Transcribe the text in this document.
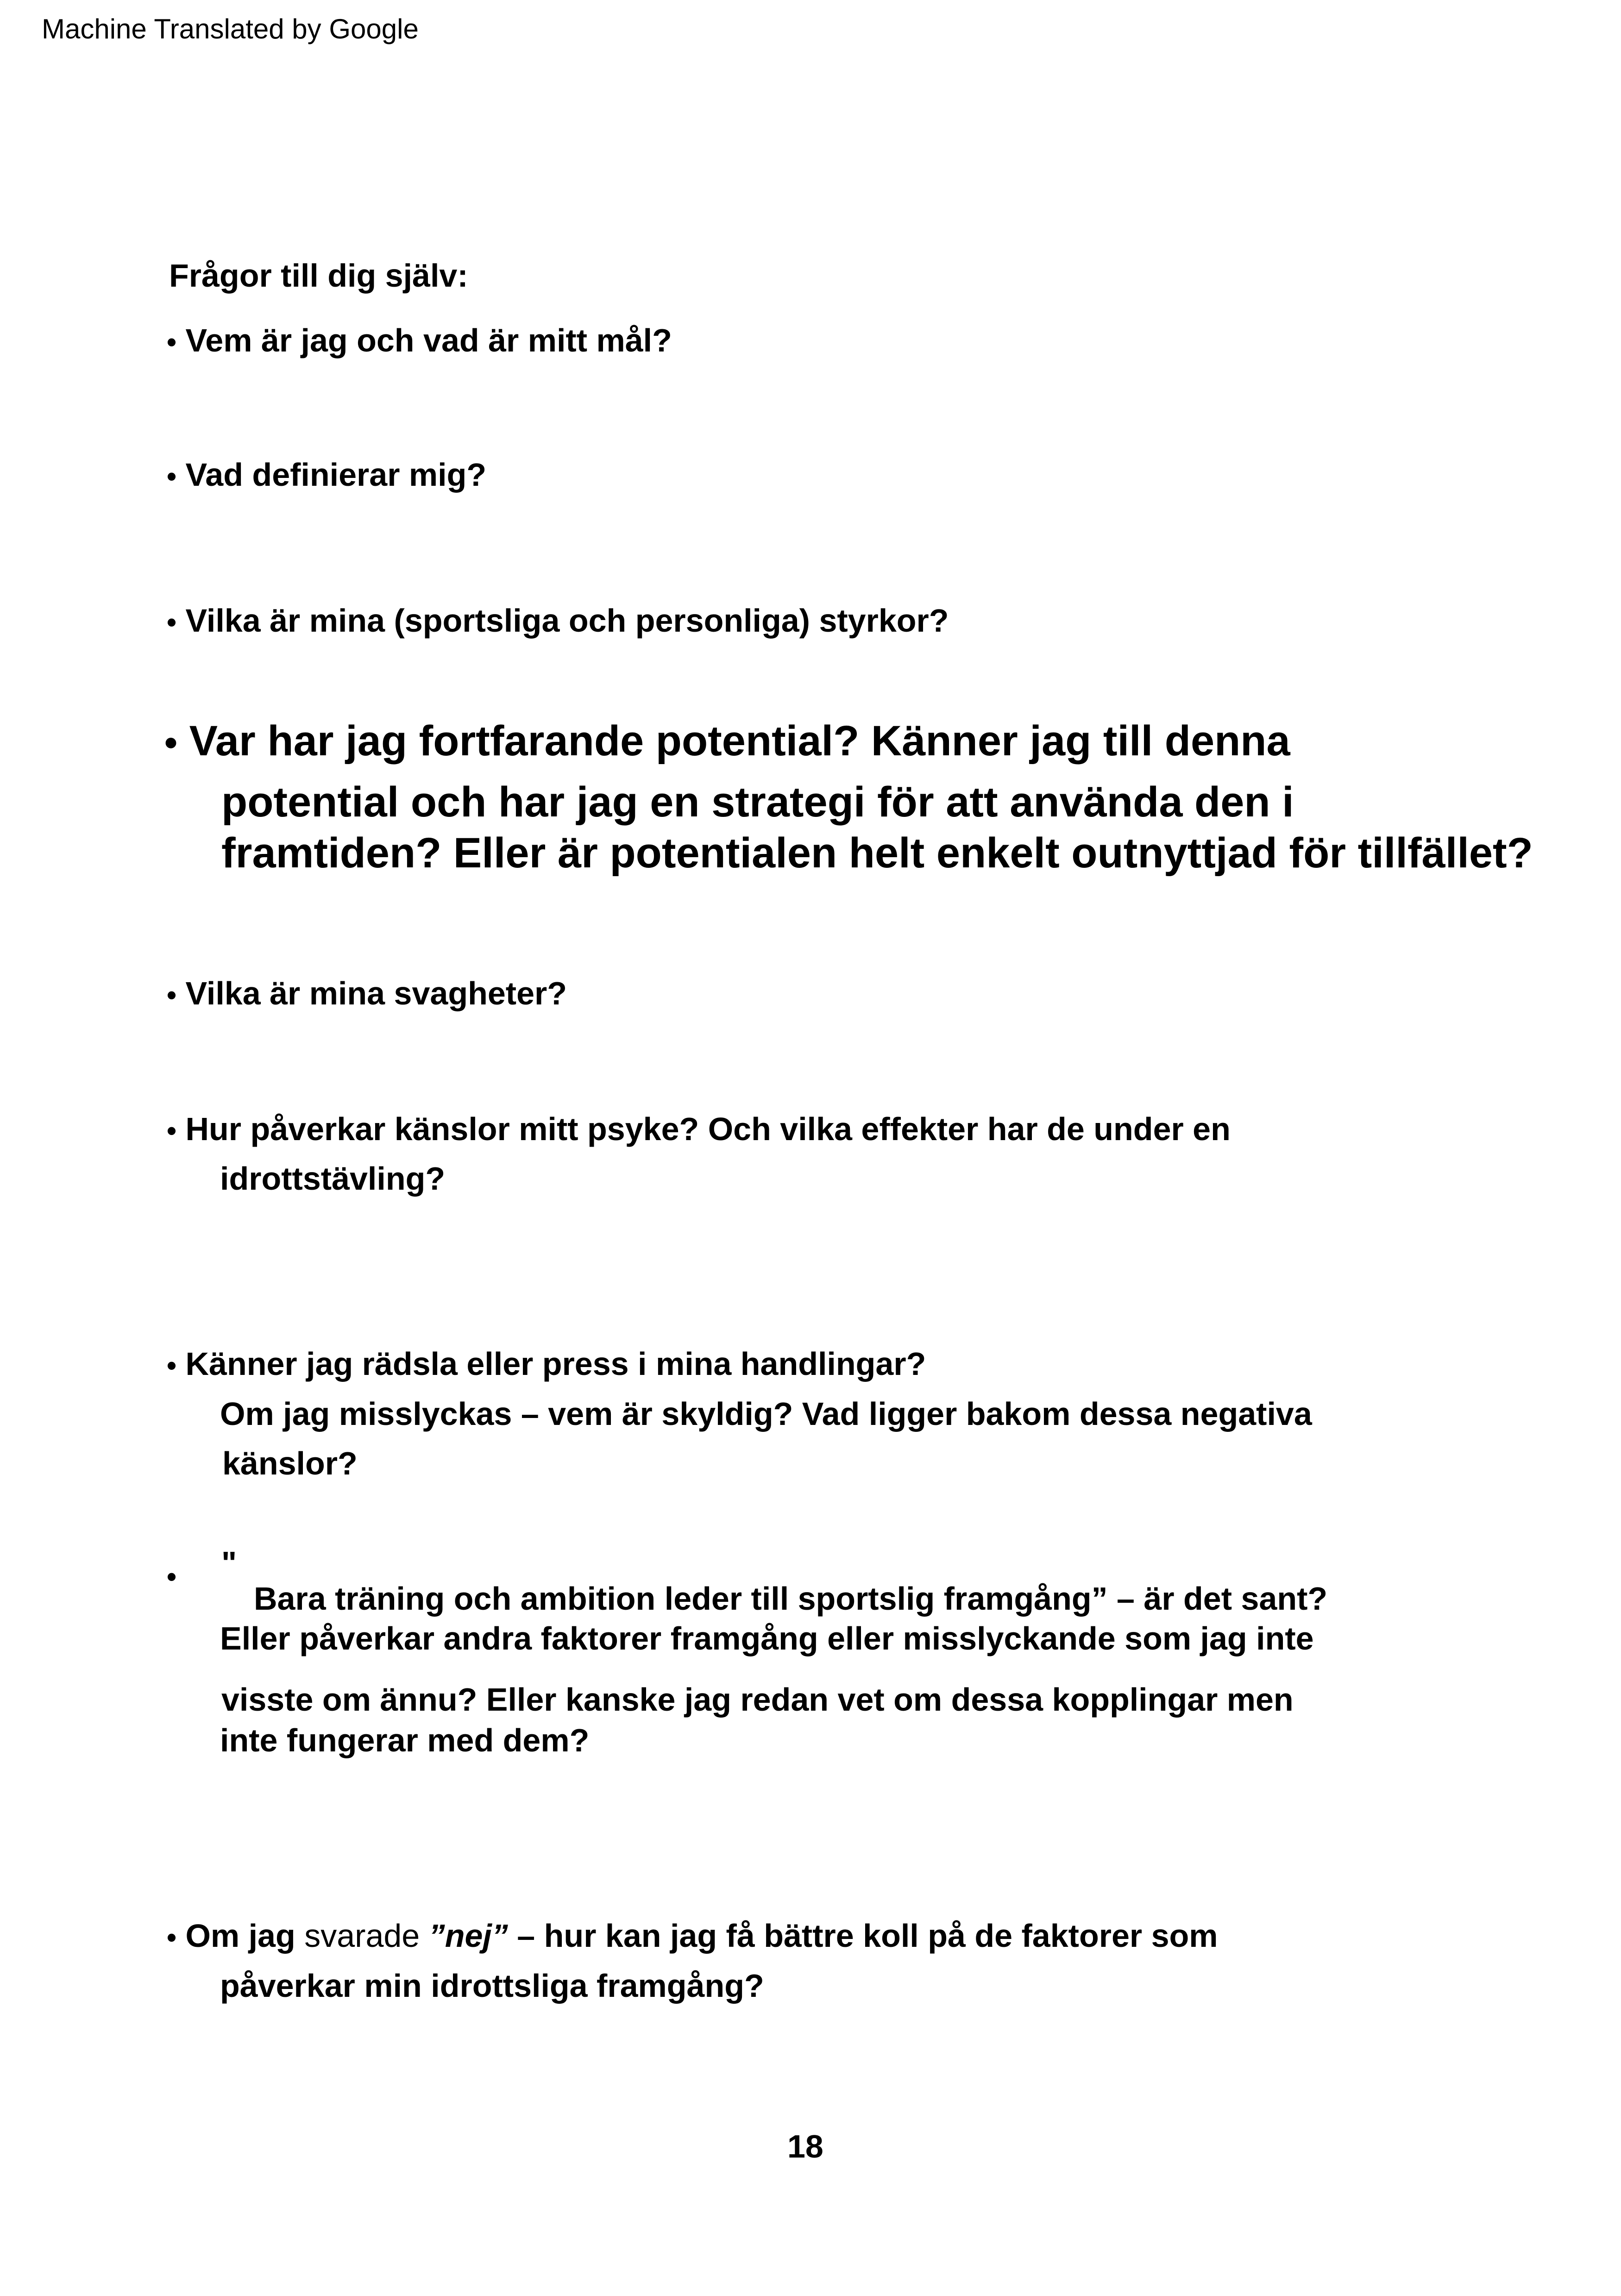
Machine Translated by Google
Frågor till dig själv:
• Vem är jag och vad är mitt mål?
• Vad definierar mig?
• Vilka är mina (sportsliga och personliga) styrkor?
• Var har jag fortfarande potential? Känner jag till denna
potential och har jag en strategi för att använda den i
framtiden? Eller är potentialen helt enkelt outnyttjad för tillfället?
• Vilka är mina svagheter?
• Hur påverkar känslor mitt psyke? Och vilka effekter har de under en
idrottstävling?
• Känner jag rädsla eller press i mina handlingar?
Om jag misslyckas – vem är skyldig? Vad ligger bakom dessa negativa
känslor?
• "
Bara träning och ambition leder till sportslig framgång” – är det sant?
Eller påverkar andra faktorer framgång eller misslyckande som jag inte
visste om ännu? Eller kanske jag redan vet om dessa kopplingar men
inte fungerar med dem?
• Om jag svarade ”nej” – hur kan jag få bättre koll på de faktorer som
påverkar min idrottsliga framgång?
18
